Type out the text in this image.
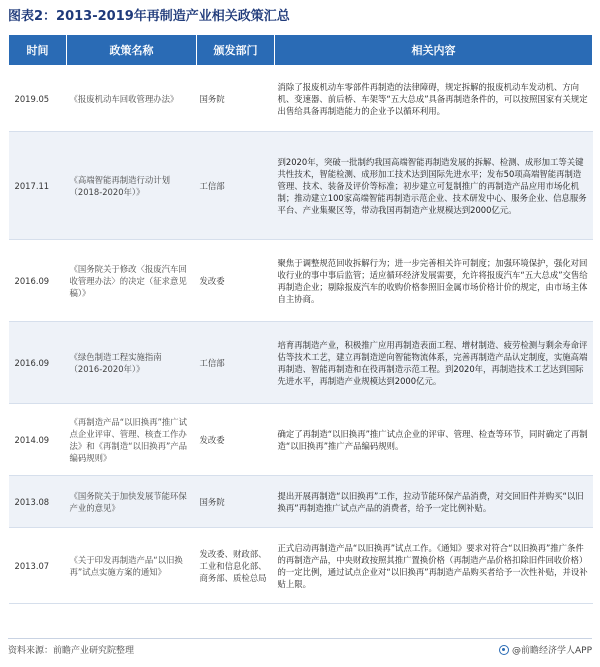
图表2：2013-2019年再制造产业相关政策汇总
时间	政策名称	颁发部门	相关内容
2019.05	《报废机动车回收管理办法》	国务院	消除了报废机动车零部件再制造的法律障碍，规定拆解的报废机动车发动机、方向机、变速器、前后桥、车架等“五大总成”具备再制造条件的，可以按照国家有关规定出售给具备再制造能力的企业予以循环利用。
2017.11	《高端智能再制造行动计划（2018-2020年）》	工信部	到2020年，突破一批制约我国高端智能再制造发展的拆解、检测、成形加工等关键共性技术，智能检测、成形加工技术达到国际先进水平；发布50项高端智能再制造管理、技术、装备及评价等标准；初步建立可复制推广的再制造产品应用市场化机制；推动建立100家高端智能再制造示范企业、技术研发中心、服务企业、信息服务平台、产业集聚区等，带动我国再制造产业规模达到2000亿元。
2016.09	《国务院关于修改〈报废汽车回收管理办法〉的决定（征求意见稿）》	发改委	聚焦于调整规范回收拆解行为；进一步完善相关许可制度；加强环境保护，强化对回收行业的事中事后监管；适应循环经济发展需要，允许将报废汽车“五大总成”交售给再制造企业；剔除报废汽车的收购价格参照旧金属市场价格计价的规定，由市场主体自主协商。
2016.09	《绿色制造工程实施指南（2016-2020年）》	工信部	培育再制造产业，积极推广应用再制造表面工程、增材制造、疲劳检测与剩余寿命评估等技术工艺，建立再制造逆向智能物流体系，完善再制造产品认定制度，实施高端再制造、智能再制造和在役再制造示范工程。到2020年，再制造技术工艺达到国际先进水平，再制造产业规模达到2000亿元。
2014.09	《再制造产品“以旧换再”推广试点企业评审、管理、核查工作办法》和《再制造“以旧换再”产品编码规则》	发改委	确定了再制造“以旧换再”推广试点企业的评审、管理、检查等环节，同时确定了再制造“以旧换再”推广产品编码规则。
2013.08	《国务院关于加快发展节能环保产业的意见》	国务院	提出开展再制造“以旧换再”工作，拉动节能环保产品消费，对交回旧件并购买“以旧换再”再制造推广试点产品的消费者，给予一定比例补贴。
2013.07	《关于印发再制造产品“以旧换再”试点实施方案的通知》	发改委、财政部、工业和信息化部、商务部、质检总局	正式启动再制造产品“以旧换再”试点工作。《通知》要求对符合“以旧换再”推广条件的再制造产品，中央财政按照其推广置换价格（再制造产品价格扣除旧件回收价格）的一定比例，通过试点企业对“以旧换再”再制造产品购买者给予一次性补贴，并设补贴上限。
资料来源：前瞻产业研究院整理	@前瞻经济学人APP
